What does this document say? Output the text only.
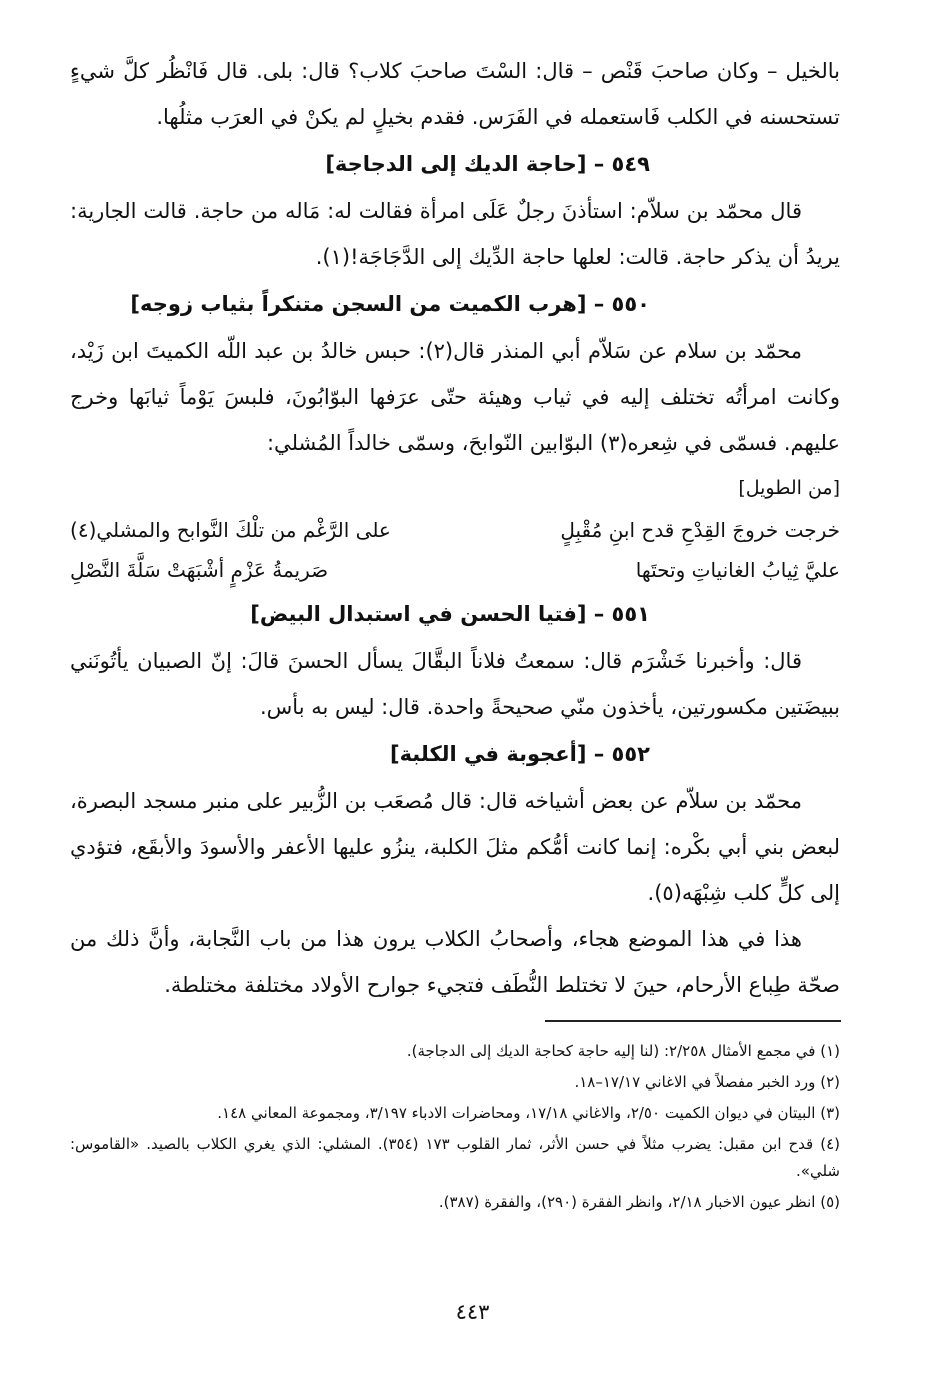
بالخيل – وكان صاحبَ قَنْص – قال: السْتَ صاحبَ كلاب؟ قال: بلى. قال فَانْظُر كلَّ شيءٍ تستحسنه في الكلب فَاستعمله في الفَرَس. فقدم بخيلٍ لم يكنْ في العرَب مثلُها.

٥٤٩ – [حاجة الديك إلى الدجاجة]

قال محمّد بن سلاّم: استأذنَ رجلٌ عَلَى امرأة فقالت له: مَاله من حاجة. قالت الجارية: يريدُ أن يذكر حاجة. قالت: لعلها حاجة الدِّيك إلى الدَّجَاجَة!(١).

٥٥٠ – [هرب الكميت من السجن متنكراً بثياب زوجه]

محمّد بن سلام عن سَلاّم أبي المنذر قال(٢): حبس خالدُ بن عبد اللّه الكميتَ ابن زَيْد، وكانت امرأتُه تختلف إليه في ثياب وهيئة حتّى عرَفها البوّابُونَ، فلبسَ يَوْماً ثيابَها وخرج عليهم. فسمّى في شِعره(٣) البوّابين النّوابحَ، وسمّى خالداً المُشلي:

[من الطويل]

خرجت خروجَ القِدْحِ قدح ابنِ مُقْبِلٍ
على الرَّغْم من تلْكَ النَّوابح والمشلي(٤)
عليَّ ثِيابُ الغانياتِ وتحتَها
صَريمةُ عَزْمٍ أشْبَهَتْ سَلَّةَ النَّصْلِ
٥٥١ – [فتيا الحسن في استبدال البيض]

قال: وأخبرنا خَشْرَم قال: سمعتُ فلاناً البقَّالَ يسأل الحسنَ قالَ: إنّ الصبيان يأتُونَني ببيضَتين مكسورتين، يأخذون منّي صحيحةً واحدة. قال: ليس به بأس.

٥٥٢ – [أعجوبة في الكلبة]

محمّد بن سلاّم عن بعض أشياخه قال: قال مُصعَب بن الزُّبير على منبر مسجد البصرة، لبعض بني أبي بكْره: إنما كانت أمُّكم مثلَ الكلبة، ينزُو عليها الأعفر والأسودَ والأبقَع، فتؤدي إلى كلٍّ كلب شِبْهَه(٥).

هذا في هذا الموضع هجاء، وأصحابُ الكلاب يرون هذا من باب النَّجابة، وأنَّ ذلك من صحّة طِباع الأرحام، حينَ لا تختلط النُّطَف فتجيء جوارح الأولاد مختلفة مختلطة.

(١) في مجمع الأمثال ٢/٢٥٨: (لنا إليه حاجة كحاجة الديك إلى الدجاجة).

(٢) ورد الخبر مفصلاً في الاغاني ١٧/١٧–١٨.

(٣) البيتان في ديوان الكميت ٢/٥٠، والاغاني ١٧/١٨، ومحاضرات الادباء ٣/١٩٧، ومجموعة المعاني ١٤٨.

(٤) قدح ابن مقبل: يضرب مثلاً في حسن الأثر، ثمار القلوب ١٧٣ (٣٥٤). المشلي: الذي يغري الكلاب بالصيد. «القاموس: شلي».

(٥) انظر عيون الاخبار ٢/١٨، وانظر الفقرة (٢٩٠)، والفقرة (٣٨٧).

٤٤٣
